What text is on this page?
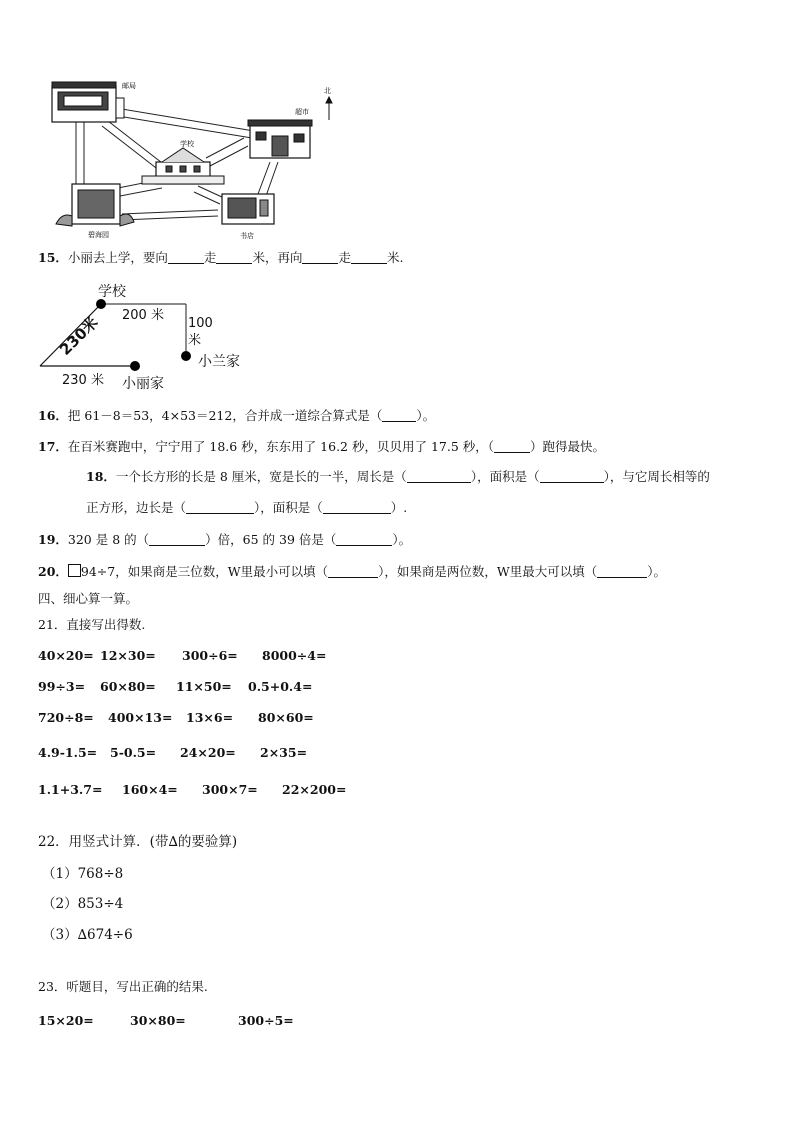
邮局
超市
北
学校
碧海园	书店
15．小丽去上学，要向	走	米，再向	走	米.
学校
200 米
100
米
小兰家
230 米 小丽家
230米
16．把 61－8＝53，4×53＝212，合并成一道综合算式是（	）。
17．在百米赛跑中，宁宁用了 18.6 秒，东东用了 16.2 秒，贝贝用了 17.5 秒，（	）跑得最快。
18．一个长方形的长是 8 厘米，宽是长的一半，周长是（	），面积是（	），与它周长相等的
正方形，边长是（	），面积是（	）.
19．320 是 8 的（	）倍，65 的 39 倍是（	）。
20． 94÷7，如果商是三位数，W里最小可以填（	），如果商是两位数，W里最大可以填（	）。
四、细心算一算。
21．直接写出得数.
40×20= 12×30= 300÷6= 8000÷4=
99÷3= 60×80= 11×50= 0.5+0.4=
720÷8= 400×13= 13×6= 80×60=
4.9-1.5= 5-0.5= 24×20= 2×35=
1.1+3.7= 160×4= 300×7= 22×200=
22．用竖式计算．(带∆的要验算)
（1）768÷8
（2）853÷4
（3）∆674÷6
23．听题目，写出正确的结果.
15×20=	30×80=	300÷5=
